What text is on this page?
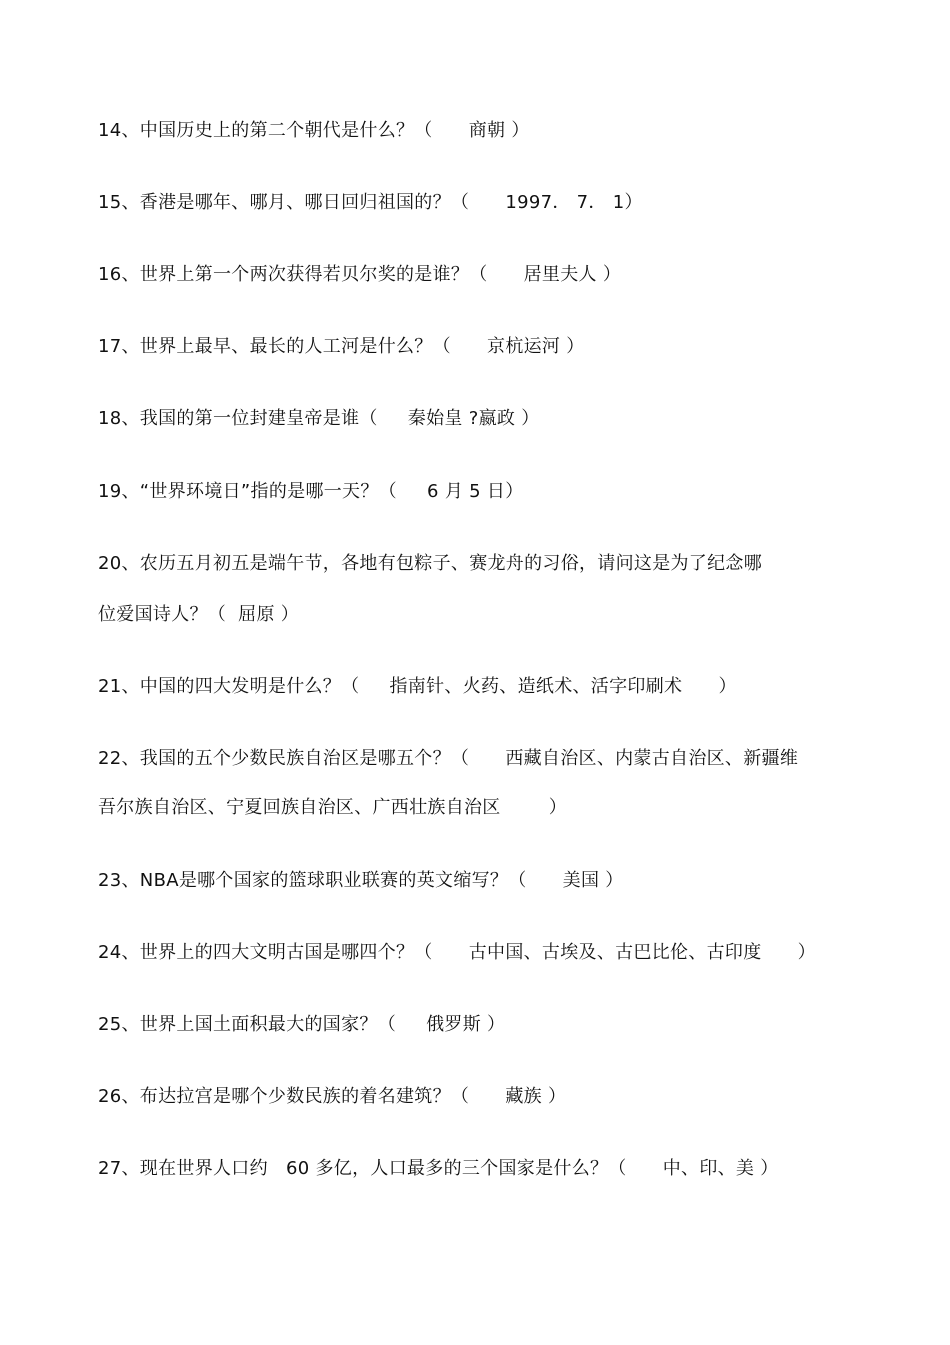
14、中国历史上的第二个朝代是什么？（      商朝 ）
15、香港是哪年、哪月、哪日回归祖国的？（      1997． 7． 1）
16、世界上第一个两次获得若贝尔奖的是谁？（      居里夫人 ）
17、世界上最早、最长的人工河是什么？（      京杭运河 ）
18、我国的第一位封建皇帝是谁（     秦始皇 ?嬴政 ）
19、“世界环境日”指的是哪一天？（     6 月 5 日）
20、农历五月初五是端午节，各地有包粽子、赛龙舟的习俗，请问这是为了纪念哪
位爱国诗人？（  屈原 ）
21、中国的四大发明是什么？（     指南针、火药、造纸术、活字印刷术      ）
22、我国的五个少数民族自治区是哪五个？（      西藏自治区、内蒙古自治区、新疆维
吾尔族自治区、宁夏回族自治区、广西壮族自治区        ）
23、NBA是哪个国家的篮球职业联赛的英文缩写？（      美国 ）
24、世界上的四大文明古国是哪四个？（      古中国、古埃及、古巴比伦、古印度      ）
25、世界上国土面积最大的国家？（     俄罗斯 ）
26、布达拉宫是哪个少数民族的着名建筑？（      藏族 ）
27、现在世界人口约   60 多亿，人口最多的三个国家是什么？（      中、印、美 ）
